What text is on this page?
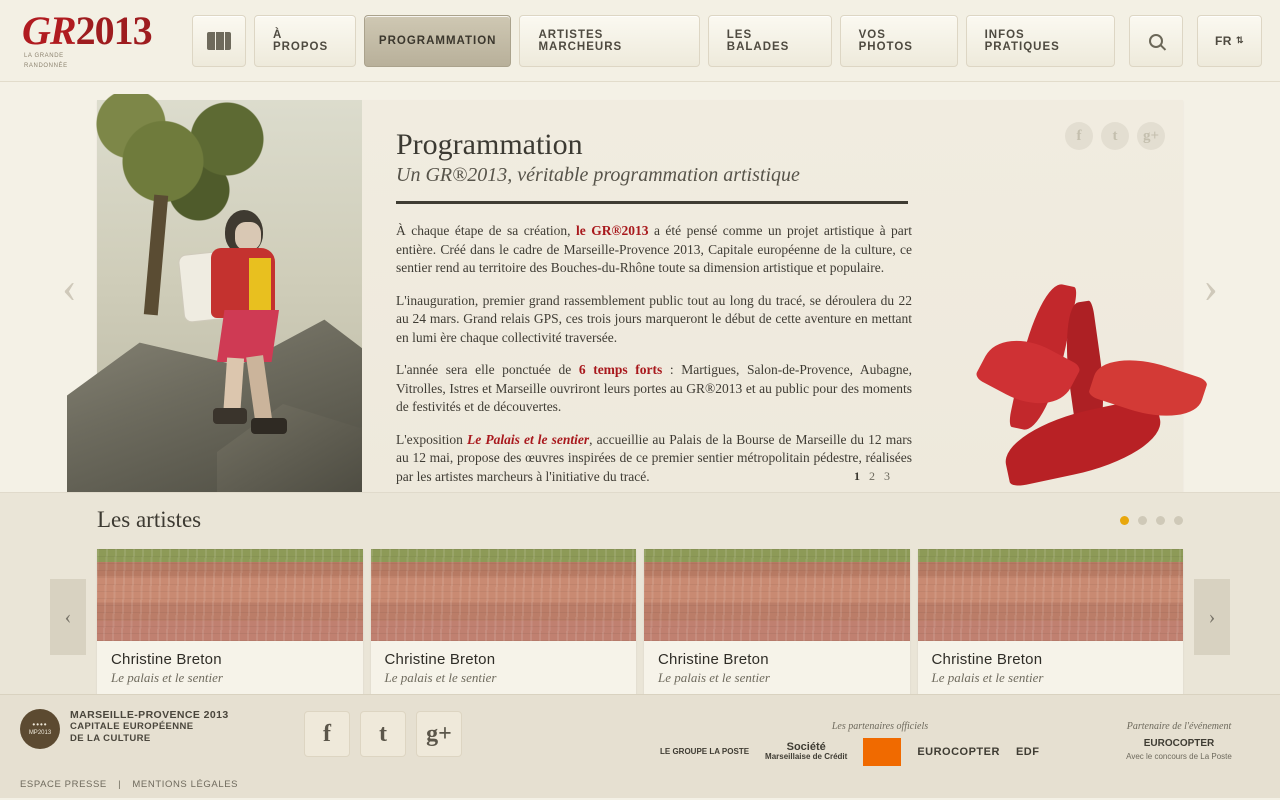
GR 2013
LA GRANDE
RANDONNÉE
À PROPOS	PROGRAMMATION	ARTISTES MARCHEURS
LES BALADES
VOS PHOTOS
INFOS PRATIQUES	FR ⇅
‹	›
f	t	g+
Programmation
Un GR®2013, véritable programmation artistique
À chaque étape de sa création, le GR®2013 a été pensé comme un projet artistique à part entière. Créé dans le cadre de Marseille-Provence 2013, Capitale européenne de la culture, ce sentier rend au territoire des Bouches-du-Rhône toute sa dimension artistique et populaire.
L'inauguration, premier grand rassemblement public tout au long du tracé, se déroulera du 22 au 24 mars. Grand relais GPS, ces trois jours marqueront le début de cette aventure en mettant en lumi ère chaque collectivité traversée.
L'année sera elle ponctuée de 6 temps forts : Martigues, Salon-de-Provence, Aubagne, Vitrolles, Istres et Marseille ouvriront leurs portes au GR®2013 et au public pour des moments de festivités et de découvertes.
L'exposition Le Palais et le sentier, accueillie au Palais de la Bourse de Marseille du 12 mars au 12 mai, propose des œuvres inspirées de ce premier sentier métropolitain pédestre, réalisées par les artistes marcheurs à l'initiative du tracé.	1 2 3
Les artistes
‹	›
Christine Breton
Le palais et le sentier
Christine Breton
Le palais et le sentier
Christine Breton
Le palais et le sentier
Christine Breton
Le palais et le sentier
••••
MP2013
MARSEILLE-PROVENCE 2013
CAPITALE EUROPÉENNE
DE LA CULTURE
ESPACE PRESSE | MENTIONS LÉGALES
f	t	g+	Les partenaires officiels
LE GROUPE LA POSTE	Société
Marseillaise de Crédit	EUROCOPTER EDF
Partenaire de l'événement
EUROCOPTER
Avec le concours de La Poste
